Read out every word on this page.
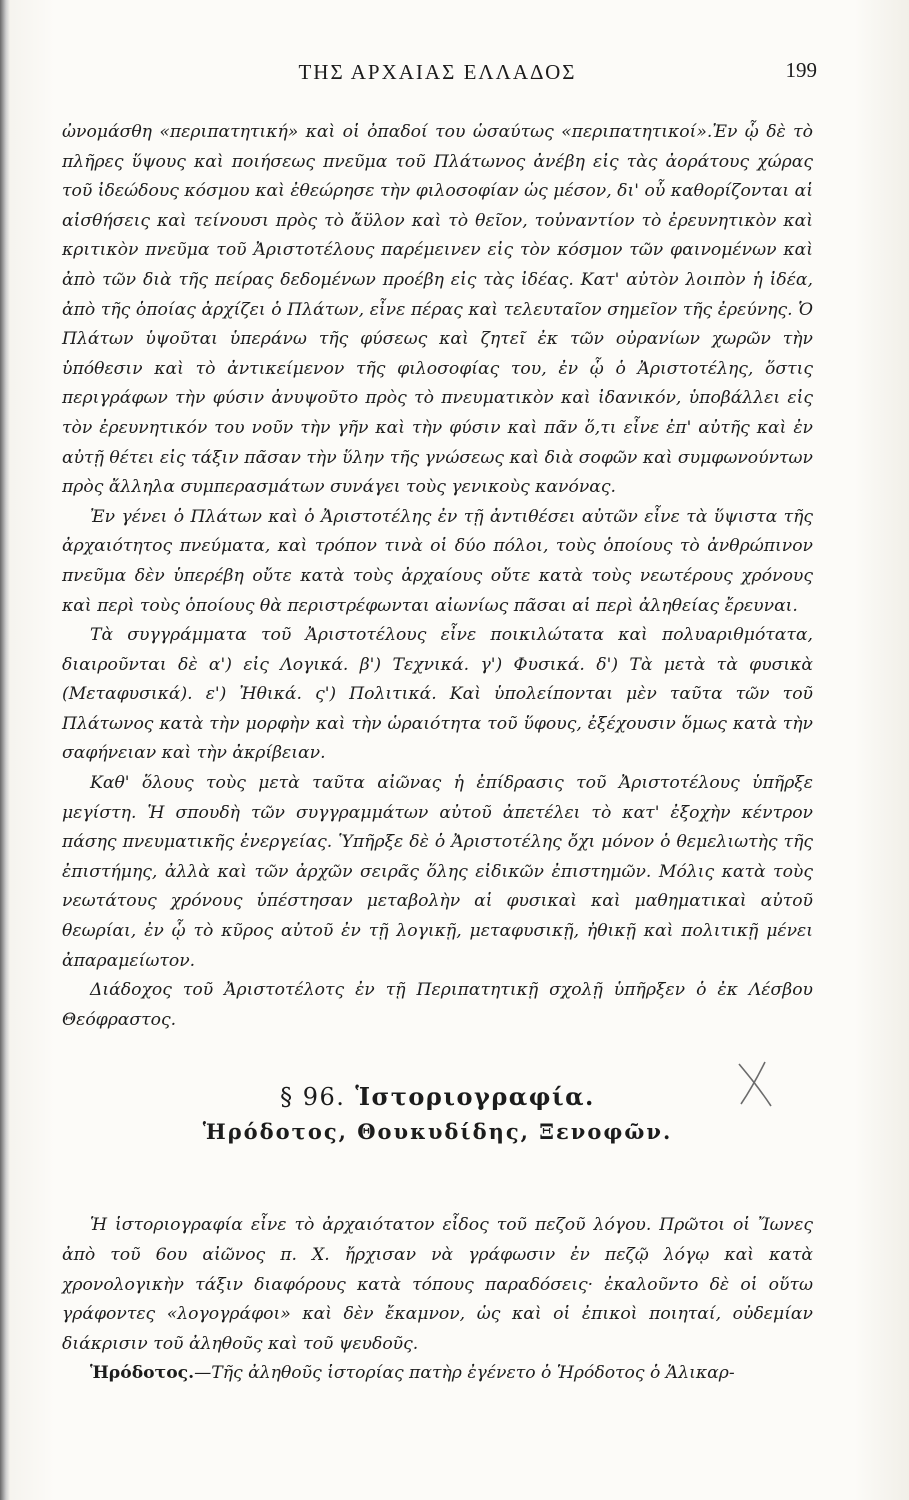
ΤΗΣ ΑΡΧΑΙΑΣ ΕΛΛΑΔΟΣ	199

ὠνομάσθη «περιπατητική» καὶ οἱ ὀπαδοί του ὡσαύτως «περιπατητικοί».Ἐν ᾧ δὲ τὸ πλῆρες ὕψους καὶ ποιήσεως πνεῦμα τοῦ Πλάτωνος ἀνέβη εἰς τὰς ἀοράτους χώρας τοῦ ἰδεώδους κόσμου καὶ ἐθεώρησε τὴν φιλοσοφίαν ὡς μέσον, δι' οὗ καθορίζονται αἱ αἰσθήσεις καὶ τείνουσι πρὸς τὸ ἄϋλον καὶ τὸ θεῖον, τοὐναντίον τὸ ἐρευνητικὸν καὶ κριτικὸν πνεῦμα τοῦ Ἀριστοτέλους παρέμεινεν εἰς τὸν κόσμον τῶν φαινομένων καὶ ἀπὸ τῶν διὰ τῆς πείρας δεδομένων προέβη εἰς τὰς ἰδέας. Κατ' αὐτὸν λοιπὸν ἡ ἰδέα, ἀπὸ τῆς ὁποίας ἀρχίζει ὁ Πλάτων, εἶνε πέρας καὶ τελευταῖον σημεῖον τῆς ἐρεύνης. Ὁ Πλάτων ὑψοῦται ὑπεράνω τῆς φύσεως καὶ ζητεῖ ἐκ τῶν οὐρανίων χωρῶν τὴν ὑπόθεσιν καὶ τὸ ἀντικείμενον τῆς φιλοσοφίας του, ἐν ᾧ ὁ Ἀριστοτέλης, ὅστις περιγράφων τὴν φύσιν ἀνυψοῦτο πρὸς τὸ πνευματικὸν καὶ ἰδανικόν, ὑποβάλλει εἰς τὸν ἐρευνητικόν του νοῦν τὴν γῆν καὶ τὴν φύσιν καὶ πᾶν ὅ,τι εἶνε ἐπ' αὐτῆς καὶ ἐν αὐτῇ θέτει εἰς τάξιν πᾶσαν τὴν ὕλην τῆς γνώσεως καὶ διὰ σοφῶν καὶ συμφωνούντων πρὸς ἄλληλα συμπερασμάτων συνάγει τοὺς γενικοὺς κανόνας.

Ἐν γένει ὁ Πλάτων καὶ ὁ Ἀριστοτέλης ἐν τῇ ἀντιθέσει αὐτῶν εἶνε τὰ ὕψιστα τῆς ἀρχαιότητος πνεύματα, καὶ τρόπον τινὰ οἱ δύο πόλοι, τοὺς ὁποίους τὸ ἀνθρώπινον πνεῦμα δὲν ὑπερέβη οὔτε κατὰ τοὺς ἀρχαίους οὔτε κατὰ τοὺς νεωτέρους χρόνους καὶ περὶ τοὺς ὁποίους θὰ περιστρέφωνται αἰωνίως πᾶσαι αἱ περὶ ἀληθείας ἔρευναι.

Τὰ συγγράμματα τοῦ Ἀριστοτέλους εἶνε ποικιλώτατα καὶ πολυαριθμότατα, διαιροῦνται δὲ α') εἰς Λογικά. β') Τεχνικά. γ') Φυσικά. δ') Τὰ μετὰ τὰ φυσικὰ (Μεταφυσικά). ε') Ἠθικά. ς') Πολιτικά. Καὶ ὑπολείπονται μὲν ταῦτα τῶν τοῦ Πλάτωνος κατὰ τὴν μορφὴν καὶ τὴν ὡραιότητα τοῦ ὕφους, ἐξέχουσιν ὅμως κατὰ τὴν σαφήνειαν καὶ τὴν ἀκρίβειαν.

Καθ' ὅλους τοὺς μετὰ ταῦτα αἰῶνας ἡ ἐπίδρασις τοῦ Ἀριστοτέλους ὑπῆρξε μεγίστη. Ἡ σπουδὴ τῶν συγγραμμάτων αὐτοῦ ἀπετέλει τὸ κατ' ἐξοχὴν κέντρον πάσης πνευματικῆς ἐνεργείας. Ὑπῆρξε δὲ ὁ Ἀριστοτέλης ὄχι μόνον ὁ θεμελιωτὴς τῆς ἐπιστήμης, ἀλλὰ καὶ τῶν ἀρχῶν σειρᾶς ὅλης εἰδικῶν ἐπιστημῶν. Μόλις κατὰ τοὺς νεωτάτους χρόνους ὑπέστησαν μεταβολὴν αἱ φυσικαὶ καὶ μαθηματικαὶ αὐτοῦ θεωρίαι, ἐν ᾧ τὸ κῦρος αὐτοῦ ἐν τῇ λογικῇ, μεταφυσικῇ, ἠθικῇ καὶ πολιτικῇ μένει ἀπαραμείωτον.

Διάδοχος τοῦ Ἀριστοτέλοτς ἐν τῇ Περιπατητικῇ σχολῇ ὑπῆρξεν ὁ ἐκ Λέσβου Θεόφραστος.

§ 96. Ἱστοριογραφία.
Ἡρόδοτος, Θουκυδίδης, Ξενοφῶν.

Ἡ ἱστοριογραφία εἶνε τὸ ἀρχαιότατον εἶδος τοῦ πεζοῦ λόγου. Πρῶτοι οἱ Ἴωνες ἀπὸ τοῦ 6ου αἰῶνος π. Χ. ἤρχισαν νὰ γράφωσιν ἐν πεζῷ λόγῳ καὶ κατὰ χρονολογικὴν τάξιν διαφόρους κατὰ τόπους παραδόσεις· ἐκαλοῦντο δὲ οἱ οὕτω γράφοντες «λογογράφοι» καὶ δὲν ἔκαμνον, ὡς καὶ οἱ ἐπικοὶ ποιηταί, οὐδεμίαν διάκρισιν τοῦ ἀληθοῦς καὶ τοῦ ψευδοῦς.

Ἡρόδοτος.—Τῆς ἀληθοῦς ἱστορίας πατὴρ ἐγένετο ὁ Ἡρόδοτος ὁ Ἁλικαρ-
